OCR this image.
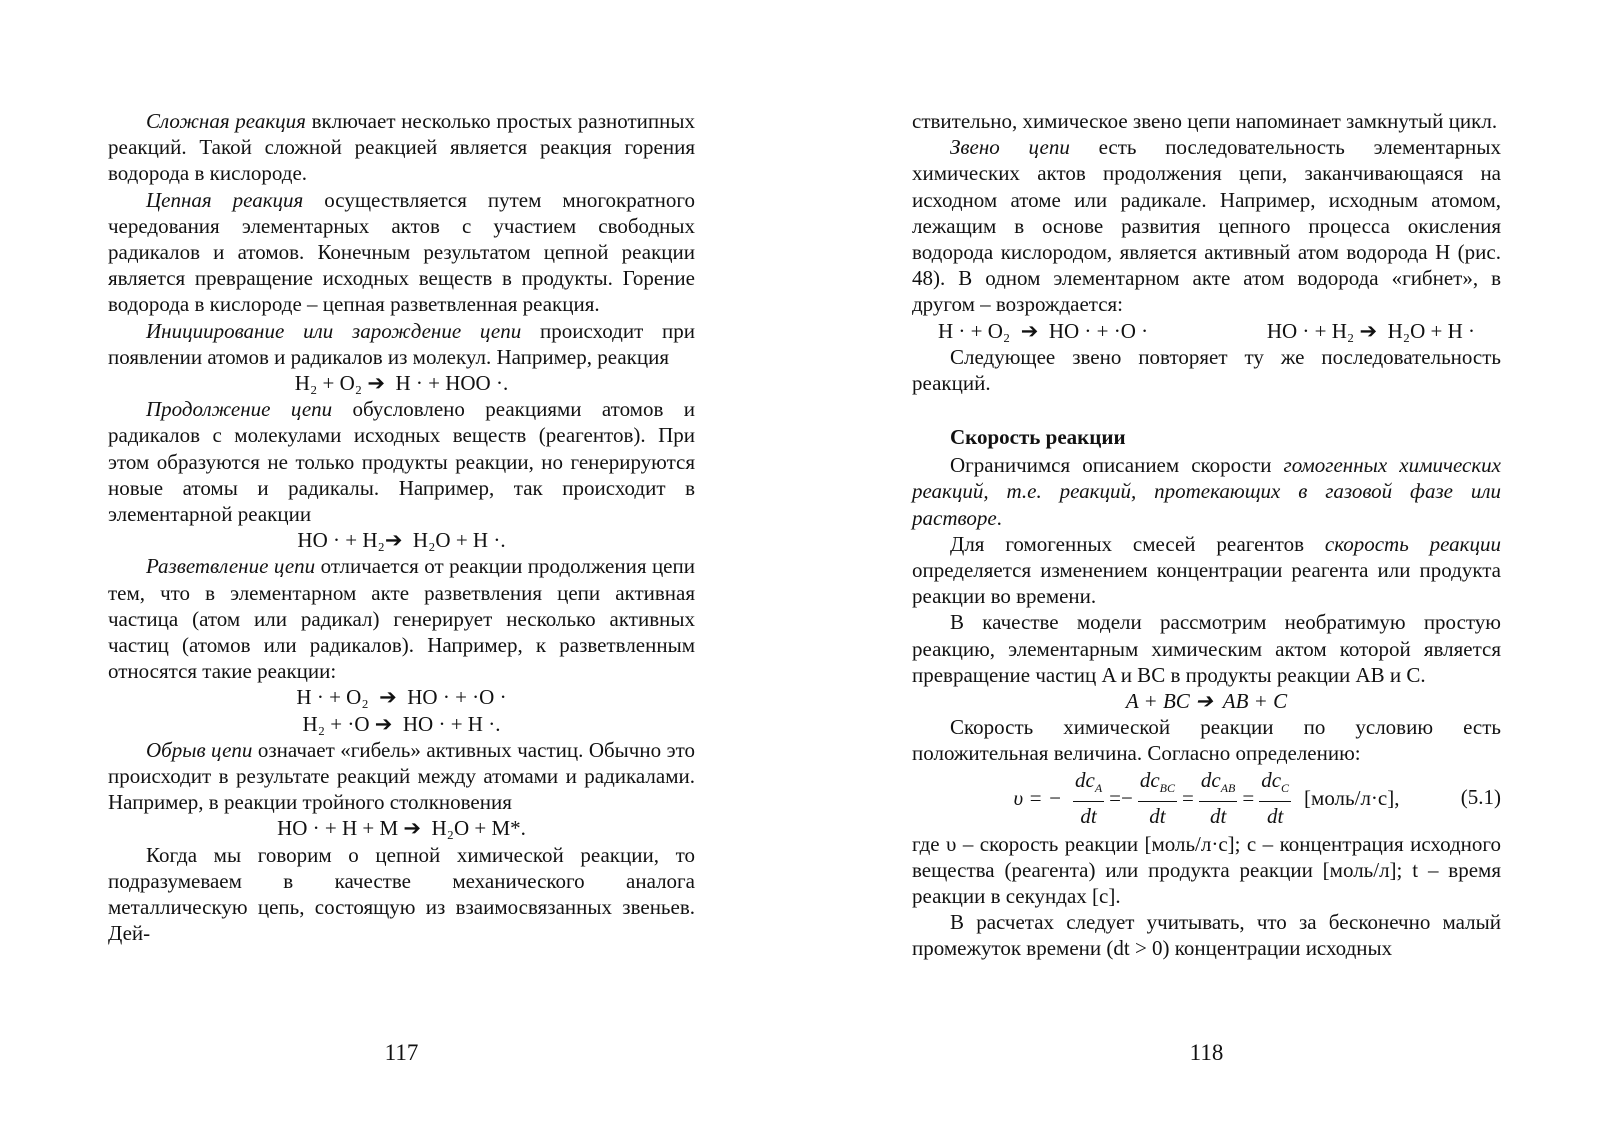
Сложная реакция включает несколько простых разнотипных реакций. Такой сложной реакцией является реакция горения водорода в кислороде.

Цепная реакция осуществляется путем многократного чередования элементарных актов с участием свободных радикалов и атомов. Конечным результатом цепной реакции является превращение исходных веществ в продукты. Горение водорода в кислороде – цепная разветвленная реакция.

Инициирование или зарождение цепи происходит при появлении атомов и радикалов из молекул. Например, реакция

H₂ + O₂ ➔  H · + HOO ·.

Продолжение цепи обусловлено реакциями атомов и радикалов с молекулами исходных веществ (реагентов). При этом образуются не только продукты реакции, но генерируются новые атомы и радикалы. Например, так происходит в элементарной реакции

HO · + H₂➔  H₂O + H ·.

Разветвление цепи отличается от реакции продолжения цепи тем, что в элементарном акте разветвления цепи активная частица (атом или радикал) генерирует несколько активных частиц (атомов или радикалов). Например, к разветвленным относятся такие реакции:

H · + O₂  ➔  HO · + ·O ·
H₂ + ·O ➔  HO · + H ·.

Обрыв цепи означает «гибель» активных частиц. Обычно это происходит в результате реакций между атомами и радикалами. Например, в реакции тройного столкновения

HO · + H + M ➔  H₂O + M*.

Когда мы говорим о цепной химической реакции, то подразумеваем в качестве механического аналога металлическую цепь, состоящую из взаимосвязанных звеньев. Дей-

117

ствительно, химическое звено цепи напоминает замкнутый цикл.

Звено цепи есть последовательность элементарных химических актов продолжения цепи, заканчивающаяся на исходном атоме или радикале. Например, исходным атомом, лежащим в основе развития цепного процесса окисления водорода кислородом, является активный атом водорода H (рис. 48). В одном элементарном акте атом водорода «гибнет», в другом – возрождается:

H · + O₂  ➔  HO · + ·O ·	HO · + H₂ ➔  H₂O + H ·

Следующее звено повторяет ту же последовательность реакций.

Скорость реакции

Ограничимся описанием скорости гомогенных химических реакций, т.е. реакций, протекающих в газовой фазе или растворе.

Для гомогенных смесей реагентов скорость реакции определяется изменением концентрации реагента или продукта реакции во времени.

В качестве модели рассмотрим необратимую простую реакцию, элементарным химическим актом которой является превращение частиц A и BC в продукты реакции AB и C.

A + BC ➔  AB + C

Скорость химической реакции по условию есть положительная величина. Согласно определению:

υ = − $\frac{dc_A}{dt} =- \frac{dc_{BC}}{dt} = \frac{dc_{AB}}{dt} = \frac{dc_C}{dt}$ [моль/л·с],	(5.1)

где υ – скорость реакции [моль/л·с]; c – концентрация исходного вещества (реагента) или продукта реакции [моль/л]; t – время реакции в секундах [с].

В расчетах следует учитывать, что за бесконечно малый промежуток времени (dt > 0) концентрации исходных

118
